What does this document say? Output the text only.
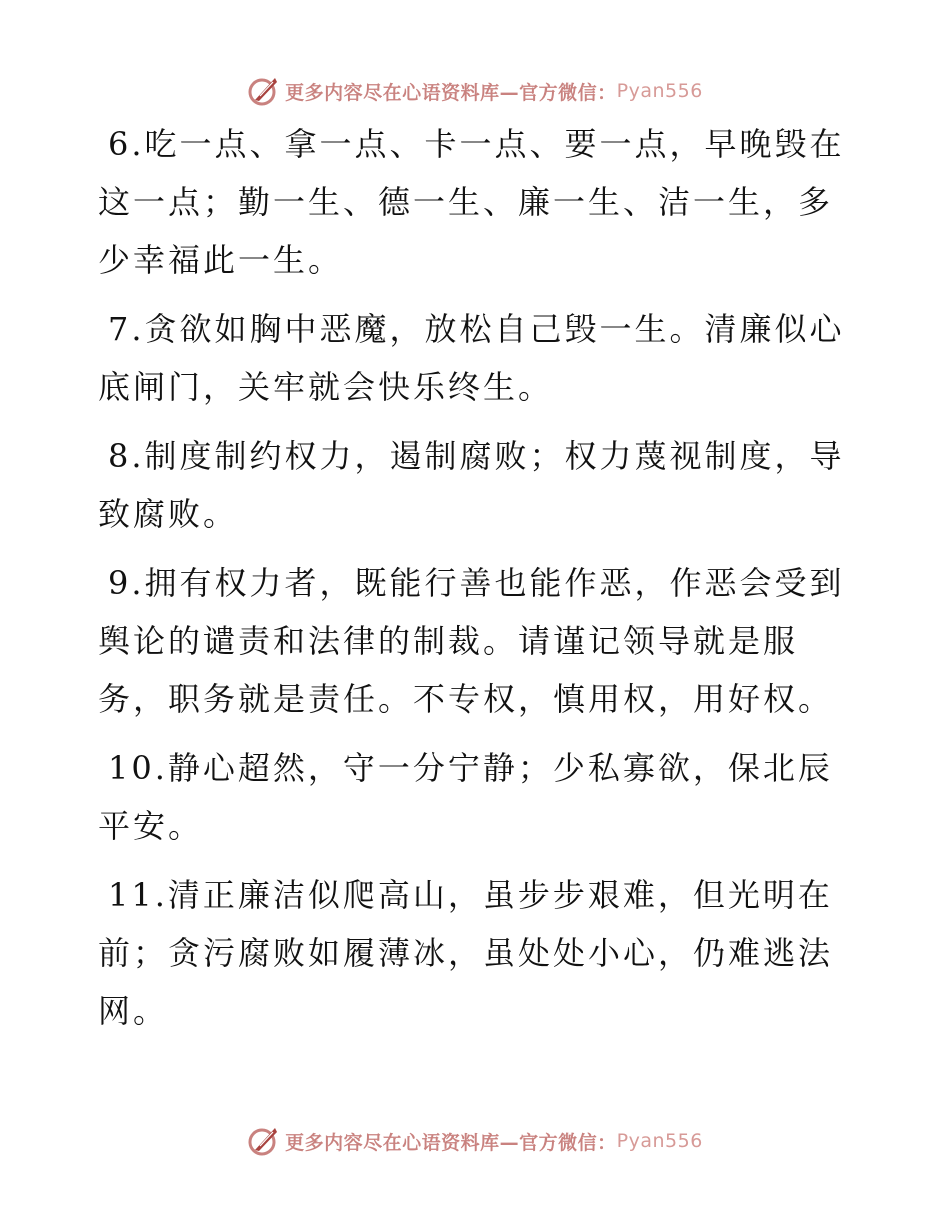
更多内容尽在心语资料库—官方微信： Pyan556

6.吃一点、拿一点、卡一点、要一点，早晚毁在这一点；勤一生、德一生、廉一生、洁一生，多少幸福此一生。

7.贪欲如胸中恶魔，放松自己毁一生。清廉似心底闸门，关牢就会快乐终生。

8.制度制约权力，遏制腐败；权力蔑视制度，导致腐败。

9.拥有权力者，既能行善也能作恶，作恶会受到舆论的谴责和法律的制裁。请谨记领导就是服务，职务就是责任。不专权，慎用权，用好权。

10.静心超然，守一分宁静；少私寡欲，保北辰平安。

11.清正廉洁似爬高山，虽步步艰难，但光明在前；贪污腐败如履薄冰，虽处处小心，仍难逃法网。

更多内容尽在心语资料库—官方微信： Pyan556
